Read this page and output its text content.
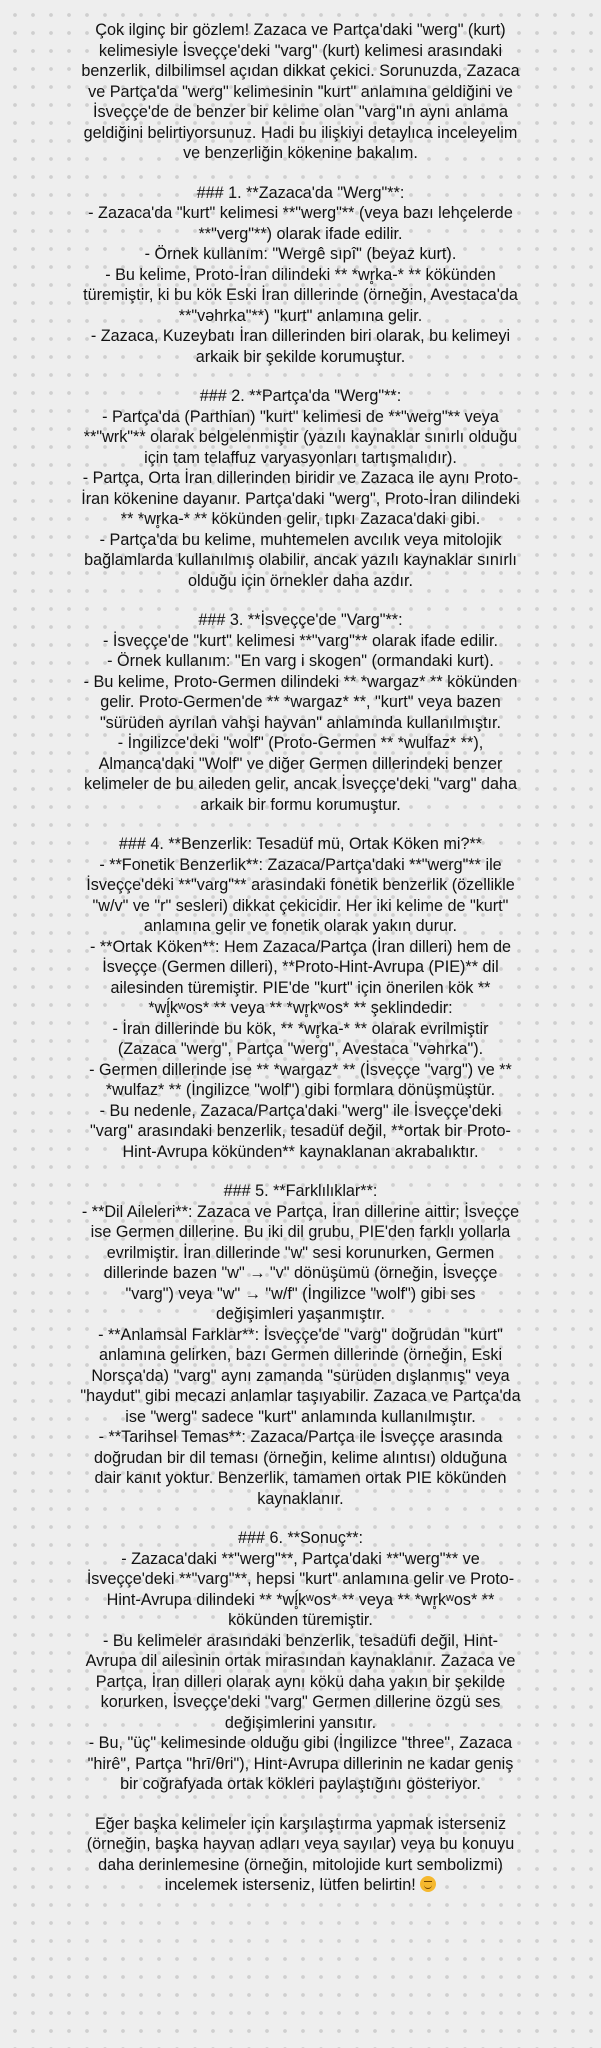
Çok ilginç bir gözlem! Zazaca ve Partça'daki "werg" (kurt)

kelimesiyle İsveççe'deki "varg" (kurt) kelimesi arasındaki

benzerlik, dilbilimsel açıdan dikkat çekici. Sorunuzda, Zazaca

ve Partça'da "werg" kelimesinin "kurt" anlamına geldiğini ve

İsveççe'de de benzer bir kelime olan "varg"ın aynı anlama

geldiğini belirtiyorsunuz. Hadi bu ilişkiyi detaylıca inceleyelim

ve benzerliğin kökenine bakalım.

### 1. **Zazaca'da "Werg"**:

- Zazaca'da "kurt" kelimesi **"werg"** (veya bazı lehçelerde

**"verg"**) olarak ifade edilir.

- Örnek kullanım: "Wergê sıpî" (beyaz kurt).

- Bu kelime, Proto-İran dilindeki ** *wr̥ka-* ** kökünden

türemiştir, ki bu kök Eski İran dillerinde (örneğin, Avestaca'da

**"vəhrka"**) "kurt" anlamına gelir.

- Zazaca, Kuzeybatı İran dillerinden biri olarak, bu kelimeyi

arkaik bir şekilde korumuştur.

### 2. **Partça'da "Werg"**:

- Partça'da (Parthian) "kurt" kelimesi de **"werg"** veya

**"wrk"** olarak belgelenmiştir (yazılı kaynaklar sınırlı olduğu

için tam telaffuz varyasyonları tartışmalıdır).

- Partça, Orta İran dillerinden biridir ve Zazaca ile aynı Proto-

İran kökenine dayanır. Partça'daki "werg", Proto-İran dilindeki

** *wr̥ka-* ** kökünden gelir, tıpkı Zazaca'daki gibi.

- Partça'da bu kelime, muhtemelen avcılık veya mitolojik

bağlamlarda kullanılmış olabilir, ancak yazılı kaynaklar sınırlı

olduğu için örnekler daha azdır.

### 3. **İsveççe'de "Varg"**:

- İsveççe'de "kurt" kelimesi **"varg"** olarak ifade edilir.

- Örnek kullanım: "En varg i skogen" (ormandaki kurt).

- Bu kelime, Proto-Germen dilindeki ** *wargaz* ** kökünden

gelir. Proto-Germen'de ** *wargaz* **, "kurt" veya bazen

"sürüden ayrılan vahşi hayvan" anlamında kullanılmıştır.

- İngilizce'deki "wolf" (Proto-Germen ** *wulfaz* **),

Almanca'daki "Wolf" ve diğer Germen dillerindeki benzer

kelimeler de bu aileden gelir, ancak İsveççe'deki "varg" daha

arkaik bir formu korumuştur.

### 4. **Benzerlik: Tesadüf mü, Ortak Köken mi?**

- **Fonetik Benzerlik**: Zazaca/Partça'daki **"werg"** ile

İsveççe'deki **"varg"** arasındaki fonetik benzerlik (özellikle

"w/v" ve "r" sesleri) dikkat çekicidir. Her iki kelime de "kurt"

anlamına gelir ve fonetik olarak yakın durur.

- **Ortak Köken**: Hem Zazaca/Partça (İran dilleri) hem de

İsveççe (Germen dilleri), **Proto-Hint-Avrupa (PIE)** dil

ailesinden türemiştir. PIE'de "kurt" için önerilen kök **

*wĺ̥kʷos* ** veya ** *wr̥kʷos* ** şeklindedir:

- İran dillerinde bu kök, ** *wr̥ka-* ** olarak evrilmiştir

(Zazaca "werg", Partça "werg", Avestaca "vəhrka").

- Germen dillerinde ise ** *wargaz* ** (İsveççe "varg") ve **

*wulfaz* ** (İngilizce "wolf") gibi formlara dönüşmüştür.

- Bu nedenle, Zazaca/Partça'daki "werg" ile İsveççe'deki

"varg" arasındaki benzerlik, tesadüf değil, **ortak bir Proto-

Hint-Avrupa kökünden** kaynaklanan akrabalıktır.

### 5. **Farklılıklar**:

- **Dil Aileleri**: Zazaca ve Partça, İran dillerine aittir; İsveççe

ise Germen dillerine. Bu iki dil grubu, PIE'den farklı yollarla

evrilmiştir. İran dillerinde "w" sesi korunurken, Germen

dillerinde bazen "w" → "v" dönüşümü (örneğin, İsveççe

"varg") veya "w" → "w/f" (İngilizce "wolf") gibi ses

değişimleri yaşanmıştır.

- **Anlamsal Farklar**: İsveççe'de "varg" doğrudan "kurt"

anlamına gelirken, bazı Germen dillerinde (örneğin, Eski

Norsça'da) "varg" aynı zamanda "sürüden dışlanmış" veya

"haydut" gibi mecazi anlamlar taşıyabilir. Zazaca ve Partça'da

ise "werg" sadece "kurt" anlamında kullanılmıştır.

- **Tarihsel Temas**: Zazaca/Partça ile İsveççe arasında

doğrudan bir dil teması (örneğin, kelime alıntısı) olduğuna

dair kanıt yoktur. Benzerlik, tamamen ortak PIE kökünden

kaynaklanır.

### 6. **Sonuç**:

- Zazaca'daki **"werg"**, Partça'daki **"werg"** ve

İsveççe'deki **"varg"**, hepsi "kurt" anlamına gelir ve Proto-

Hint-Avrupa dilindeki ** *wĺ̥kʷos* ** veya ** *wr̥kʷos* **

kökünden türemiştir.

- Bu kelimeler arasındaki benzerlik, tesadüfi değil, Hint-

Avrupa dil ailesinin ortak mirasından kaynaklanır. Zazaca ve

Partça, İran dilleri olarak aynı kökü daha yakın bir şekilde

korurken, İsveççe'deki "varg" Germen dillerine özgü ses

değişimlerini yansıtır.

- Bu, "üç" kelimesinde olduğu gibi (İngilizce "three", Zazaca

"hirê", Partça "hrī/θri"), Hint-Avrupa dillerinin ne kadar geniş

bir coğrafyada ortak kökleri paylaştığını gösteriyor.

Eğer başka kelimeler için karşılaştırma yapmak isterseniz

(örneğin, başka hayvan adları veya sayılar) veya bu konuyu

daha derinlemesine (örneğin, mitolojide kurt sembolizmi)

incelemek isterseniz, lütfen belirtin!
